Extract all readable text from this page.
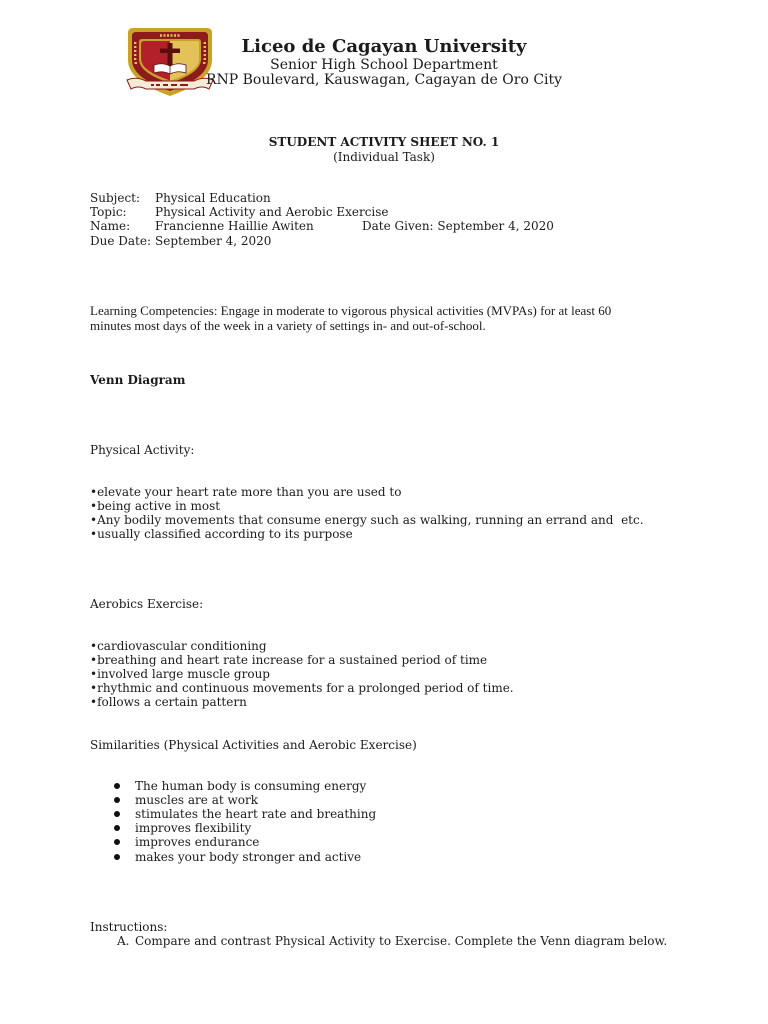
Liceo de Cagayan University
Senior High School Department
RNP Boulevard, Kauswagan, Cagayan de Oro City
STUDENT ACTIVITY SHEET NO. 1
(Individual Task)
Subject: Physical Education
Topic: Physical Activity and Aerobic Exercise
Name: Francienne Haillie Awiten	Date Given: September 4, 2020
Due Date: September 4, 2020
Learning Competencies: Engage in moderate to vigorous physical activities (MVPAs) for at least 60
minutes most days of the week in a variety of settings in- and out-of-school.
Venn Diagram
Physical Activity:
• elevate your heart rate more than you are used to
• being active in most
• Any bodily movements that consume energy such as walking, running an errand and  etc.
• usually classified according to its purpose
Aerobics Exercise:
• cardiovascular conditioning
• breathing and heart rate increase for a sustained period of time
• involved large muscle group
• rhythmic and continuous movements for a prolonged period of time.
• follows a certain pattern
Similarities (Physical Activities and Aerobic Exercise)
The human body is consuming energy
muscles are at work
stimulates the heart rate and breathing
improves flexibility
improves endurance
makes your body stronger and active
Instructions:
A. Compare and contrast Physical Activity to Exercise. Complete the Venn diagram below.
